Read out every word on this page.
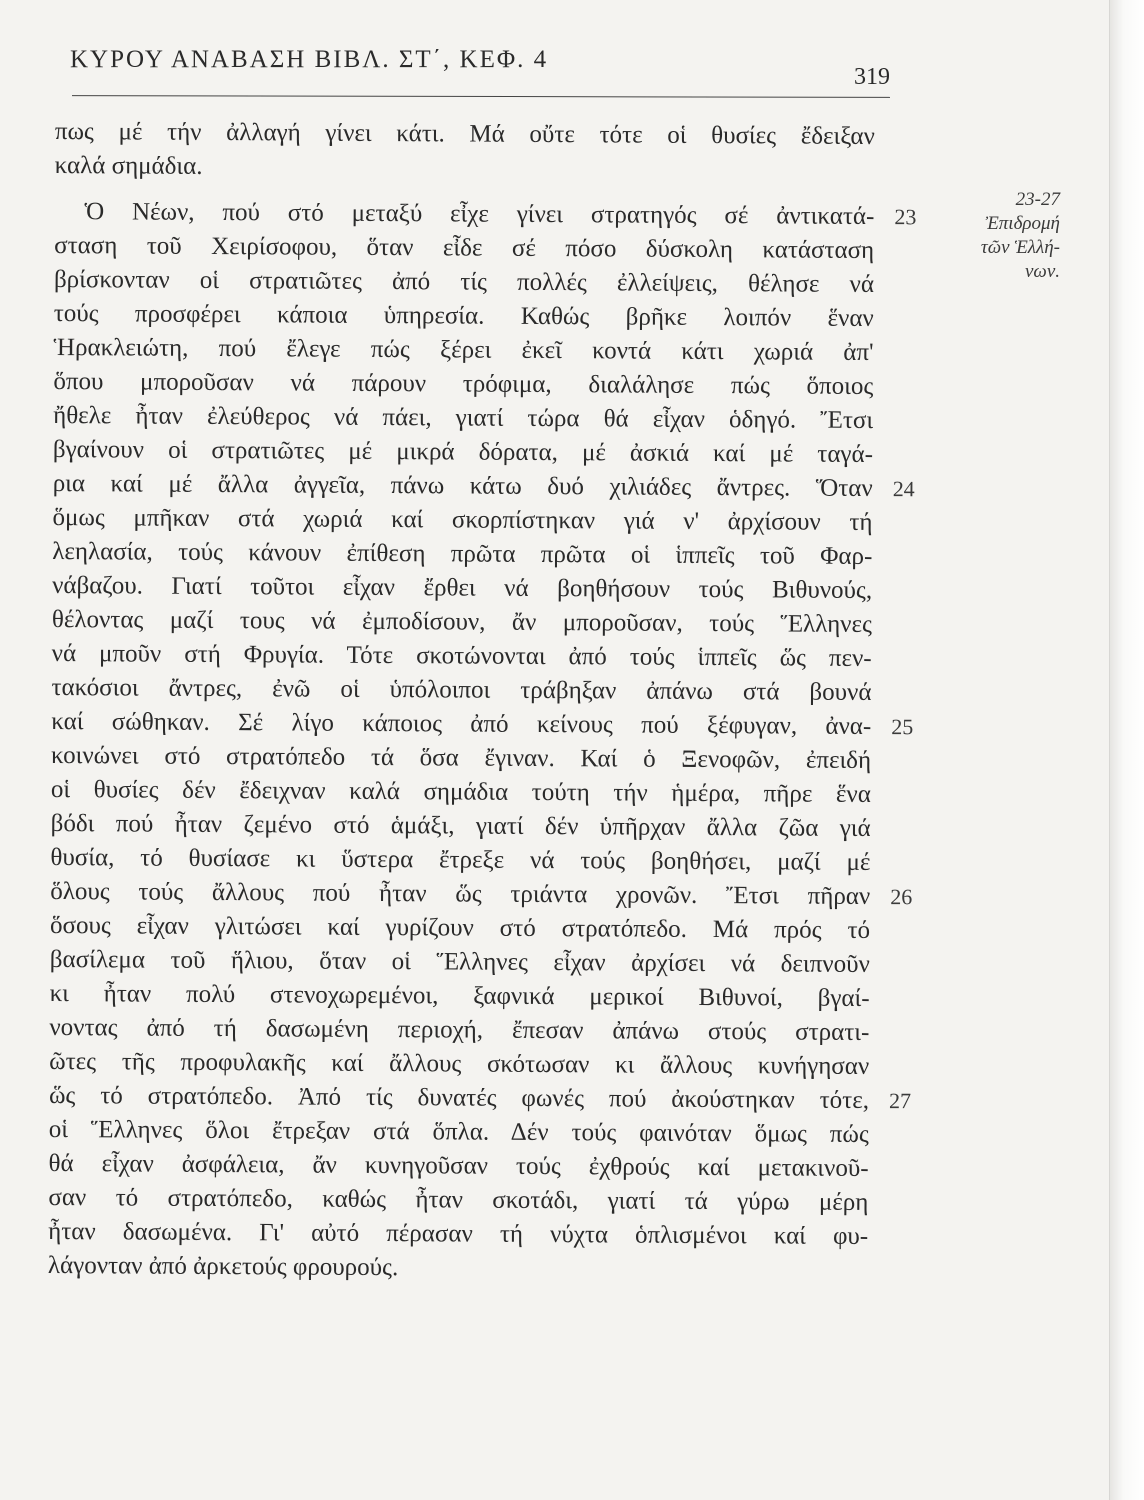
ΚΥΡΟΥ ΑΝΑΒΑΣΗ ΒΙΒΛ. ΣΤ΄, ΚΕΦ. 4
319
πως μέ τήν ἀλλαγή γίνει κάτι. Μά οὔτε τότε οἱ θυσίες ἔδειξαν
καλά σημάδια.
Ὁ Νέων, πού στό μεταξύ εἶχε γίνει στρατηγός σέ ἀντικατά-
σταση τοῦ Χειρίσοφου, ὅταν εἶδε σέ πόσο δύσκολη κατάσταση
βρίσκονταν οἱ στρατιῶτες ἀπό τίς πολλές ἐλλείψεις, θέλησε νά
τούς προσφέρει κάποια ὑπηρεσία. Καθώς βρῆκε λοιπόν ἕναν
Ἡρακλειώτη, πού ἔλεγε πώς ξέρει ἐκεῖ κοντά κάτι χωριά ἀπ'
ὅπου μποροῦσαν νά πάρουν τρόφιμα, διαλάλησε πώς ὅποιος
ἤθελε ἦταν ἐλεύθερος νά πάει, γιατί τώρα θά εἶχαν ὁδηγό. Ἔτσι
βγαίνουν οἱ στρατιῶτες μέ μικρά δόρατα, μέ ἀσκιά καί μέ ταγά-
ρια καί μέ ἄλλα ἀγγεῖα, πάνω κάτω δυό χιλιάδες ἄντρες. Ὅταν
ὅμως μπῆκαν στά χωριά καί σκορπίστηκαν γιά ν' ἀρχίσουν τή
λεηλασία, τούς κάνουν ἐπίθεση πρῶτα πρῶτα οἱ ἱππεῖς τοῦ Φαρ-
νάβαζου. Γιατί τοῦτοι εἶχαν ἔρθει νά βοηθήσουν τούς Βιθυνούς,
θέλοντας μαζί τους νά ἐμποδίσουν, ἄν μποροῦσαν, τούς Ἕλληνες
νά μποῦν στή Φρυγία. Τότε σκοτώνονται ἀπό τούς ἱππεῖς ὥς πεν-
τακόσιοι ἄντρες, ἐνῶ οἱ ὑπόλοιποι τράβηξαν ἀπάνω στά βουνά
καί σώθηκαν. Σέ λίγο κάποιος ἀπό κείνους πού ξέφυγαν, ἀνα-
κοινώνει στό στρατόπεδο τά ὅσα ἔγιναν. Καί ὁ Ξενοφῶν, ἐπειδή
οἱ θυσίες δέν ἔδειχναν καλά σημάδια τούτη τήν ἡμέρα, πῆρε ἕνα
βόδι πού ἦταν ζεμένο στό ἁμάξι, γιατί δέν ὑπῆρχαν ἄλλα ζῶα γιά
θυσία, τό θυσίασε κι ὕστερα ἔτρεξε νά τούς βοηθήσει, μαζί μέ
ὅλους τούς ἄλλους πού ἦταν ὥς τριάντα χρονῶν. Ἔτσι πῆραν
ὅσους εἶχαν γλιτώσει καί γυρίζουν στό στρατόπεδο. Μά πρός τό
βασίλεμα τοῦ ἥλιου, ὅταν οἱ Ἕλληνες εἶχαν ἀρχίσει νά δειπνοῦν
κι ἦταν πολύ στενοχωρεμένοι, ξαφνικά μερικοί Βιθυνοί, βγαί-
νοντας ἀπό τή δασωμένη περιοχή, ἔπεσαν ἀπάνω στούς στρατι-
ῶτες τῆς προφυλακῆς καί ἄλλους σκότωσαν κι ἄλλους κυνήγησαν
ὥς τό στρατόπεδο. Ἀπό τίς δυνατές φωνές πού ἀκούστηκαν τότε,
οἱ Ἕλληνες ὅλοι ἔτρεξαν στά ὅπλα. Δέν τούς φαινόταν ὅμως πώς
θά εἶχαν ἀσφάλεια, ἄν κυνηγοῦσαν τούς ἐχθρούς καί μετακινοῦ-
σαν τό στρατόπεδο, καθώς ἦταν σκοτάδι, γιατί τά γύρω μέρη
ἦταν δασωμένα. Γι' αὐτό πέρασαν τή νύχτα ὁπλισμένοι καί φυ-
λάγονταν ἀπό ἀρκετούς φρουρούς.
23
24
25
26
27
23-27
Ἐπιδρομή
τῶν Ἑλλή-
νων.
